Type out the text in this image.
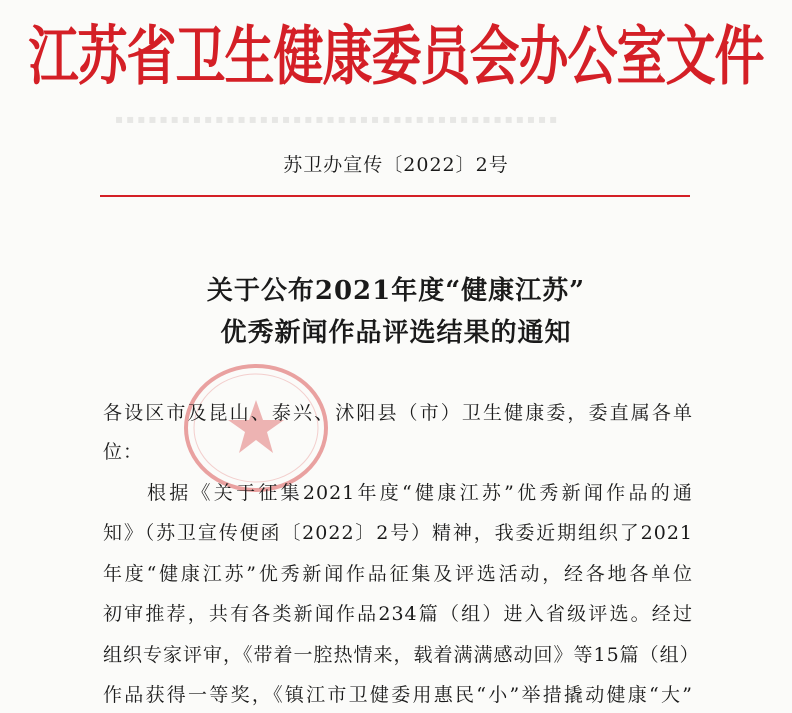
江苏省卫生健康委员会办公室文件
▪▪▪▪▪▪▪▪▪▪▪▪▪▪▪▪▪▪▪▪▪▪▪▪▪▪▪▪▪▪▪▪▪▪▪▪▪▪▪▪
苏卫办宣传〔2022〕2号
关于公布2021年度“健康江苏”
优秀新闻作品评选结果的通知
各设区市及昆山、泰兴、沭阳县（市）卫生健康委，委直属各单
位：
根据《关于征集2021年度“健康江苏”优秀新闻作品的通
知》（苏卫宣传便函〔2022〕2号）精神，我委近期组织了2021
年度“健康江苏”优秀新闻作品征集及评选活动，经各地各单位
初审推荐，共有各类新闻作品234篇（组）进入省级评选。经过
组织专家评审，《带着一腔热情来，载着满满感动回》等15篇（组）
作品获得一等奖，《镇江市卫健委用惠民“小”举措撬动健康“大”
